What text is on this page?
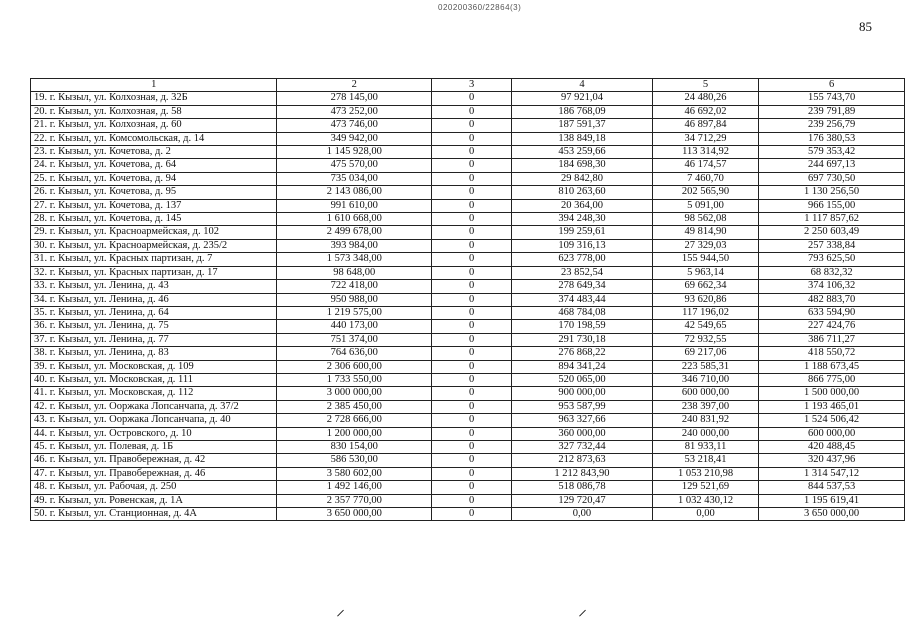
020200360/22864(3)
85
1	2	3	4	5	6
19. г. Кызыл, ул. Колхозная, д. 32Б	278 145,00	0	97 921,04	24 480,26	155 743,70
20. г. Кызыл, ул. Колхозная, д. 58	473 252,00	0	186 768,09	46 692,02	239 791,89
21. г. Кызыл, ул. Колхозная, д. 60	473 746,00	0	187 591,37	46 897,84	239 256,79
22. г. Кызыл, ул. Комсомольская, д. 14	349 942,00	0	138 849,18	34 712,29	176 380,53
23. г. Кызыл, ул. Кочетова, д. 2	1 145 928,00	0	453 259,66	113 314,92	579 353,42
24. г. Кызыл, ул. Кочетова, д. 64	475 570,00	0	184 698,30	46 174,57	244 697,13
25. г. Кызыл, ул. Кочетова, д. 94	735 034,00	0	29 842,80	7 460,70	697 730,50
26. г. Кызыл, ул. Кочетова, д. 95	2 143 086,00	0	810 263,60	202 565,90	1 130 256,50
27. г. Кызыл, ул. Кочетова, д. 137	991 610,00	0	20 364,00	5 091,00	966 155,00
28. г. Кызыл, ул. Кочетова, д. 145	1 610 668,00	0	394 248,30	98 562,08	1 117 857,62
29. г. Кызыл, ул. Красноармейская, д. 102	2 499 678,00	0	199 259,61	49 814,90	2 250 603,49
30. г. Кызыл, ул. Красноармейская, д. 235/2	393 984,00	0	109 316,13	27 329,03	257 338,84
31. г. Кызыл, ул. Красных партизан, д. 7	1 573 348,00	0	623 778,00	155 944,50	793 625,50
32. г. Кызыл, ул. Красных партизан, д. 17	98 648,00	0	23 852,54	5 963,14	68 832,32
33. г. Кызыл, ул. Ленина, д. 43	722 418,00	0	278 649,34	69 662,34	374 106,32
34. г. Кызыл, ул. Ленина, д. 46	950 988,00	0	374 483,44	93 620,86	482 883,70
35. г. Кызыл, ул. Ленина, д. 64	1 219 575,00	0	468 784,08	117 196,02	633 594,90
36. г. Кызыл, ул. Ленина, д. 75	440 173,00	0	170 198,59	42 549,65	227 424,76
37. г. Кызыл, ул. Ленина, д. 77	751 374,00	0	291 730,18	72 932,55	386 711,27
38. г. Кызыл, ул. Ленина, д. 83	764 636,00	0	276 868,22	69 217,06	418 550,72
39. г. Кызыл, ул. Московская, д. 109	2 306 600,00	0	894 341,24	223 585,31	1 188 673,45
40. г. Кызыл, ул. Московская, д. 111	1 733 550,00	0	520 065,00	346 710,00	866 775,00
41. г. Кызыл, ул. Московская, д. 112	3 000 000,00	0	900 000,00	600 000,00	1 500 000,00
42. г. Кызыл, ул. Ооржака Лопсанчапа, д. 37/2	2 385 450,00	0	953 587,99	238 397,00	1 193 465,01
43. г. Кызыл, ул. Ооржака Лопсанчапа, д. 40	2 728 666,00	0	963 327,66	240 831,92	1 524 506,42
44. г. Кызыл, ул. Островского, д. 10	1 200 000,00	0	360 000,00	240 000,00	600 000,00
45. г. Кызыл, ул. Полевая, д. 1Б	830 154,00	0	327 732,44	81 933,11	420 488,45
46. г. Кызыл, ул. Правобережная, д. 42	586 530,00	0	212 873,63	53 218,41	320 437,96
47. г. Кызыл, ул. Правобережная, д. 46	3 580 602,00	0	1 212 843,90	1 053 210,98	1 314 547,12
48. г. Кызыл, ул. Рабочая, д. 250	1 492 146,00	0	518 086,78	129 521,69	844 537,53
49. г. Кызыл, ул. Ровенская, д. 1А	2 357 770,00	0	129 720,47	1 032 430,12	1 195 619,41
50. г. Кызыл, ул. Станционная, д. 4А	3 650 000,00	0	0,00	0,00	3 650 000,00
⸝	⸝
